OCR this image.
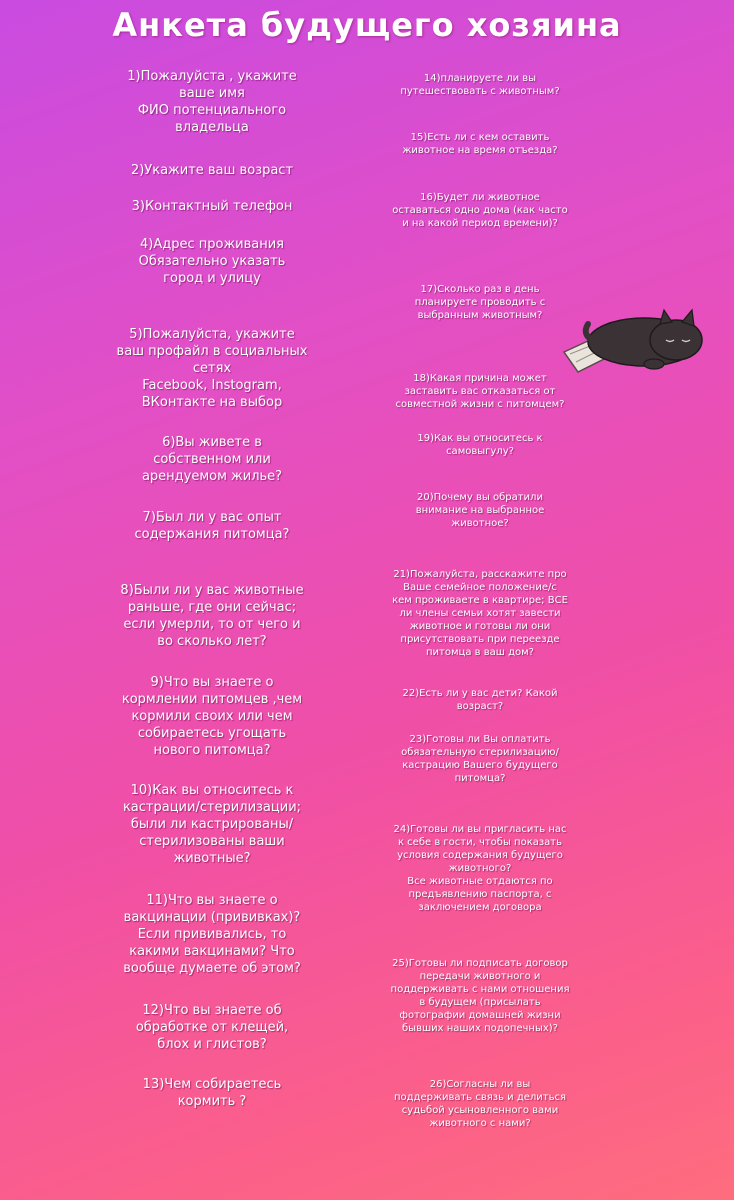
Анкета будущего хозяина
1)Пожалуйста , укажите
ваше имя
ФИО потенциального
владельца
2)Укажите ваш возраст
3)Контактный телефон
4)Адрес проживания
Обязательно указать
город и улицу
5)Пожалуйста, укажите
ваш профайл в социальных
сетях
Facebook, Instogram,
ВКонтакте на выбор
6)Вы живете в
собственном или
арендуемом жилье?
7)Был ли у вас опыт
содержания питомца?
8)Были ли у вас животные
раньше, где они сейчас;
если умерли, то от чего и
во сколько лет?
9)Что вы знаете о
кормлении питомцев ,чем
кормили своих или чем
собираетесь угощать
нового питомца?
10)Как вы относитесь к
кастрации/стерилизации;
были ли кастрированы/
стерилизованы ваши
животные?
11)Что вы знаете о
вакцинации (прививках)?
Если прививались, то
какими вакцинами? Что
вообще думаете об этом?
12)Что вы знаете об
обработке от клещей,
блох и глистов?
13)Чем собираетесь
кормить ?
14)планируете ли вы
путешествовать с животным?
15)Есть ли с кем оставить
животное на время отъезда?
16)Будет ли животное
оставаться одно дома (как часто
и на какой период времени)?
17)Сколько раз в день
планируете проводить с
выбранным животным?
18)Какая причина может
заставить вас отказаться от
совместной жизни с питомцем?
19)Как вы относитесь к
самовыгулу?
20)Почему вы обратили
внимание на выбранное
животное?
21)Пожалуйста, расскажите про
Ваше семейное положение/с
кем проживаете в квартире; ВСЕ
ли члены семьи хотят завести
животное и готовы ли они
присутствовать при переезде
питомца в ваш дом?
22)Есть ли у вас дети? Какой
возраст?
23)Готовы ли Вы оплатить
обязательную стерилизацию/
кастрацию Вашего будущего
питомца?
24)Готовы ли вы пригласить нас
к себе в гости, чтобы показать
условия содержания будущего
животного?
Все животные отдаются по
предъявлению паспорта, с
заключением договора
25)Готовы ли подписать договор
передачи животного и
поддерживать с нами отношения
в будущем (присылать
фотографии домашней жизни
бывших наших подопечных)?
26)Согласны ли вы
поддерживать связь и делиться
судьбой усыновленного вами
животного с нами?
